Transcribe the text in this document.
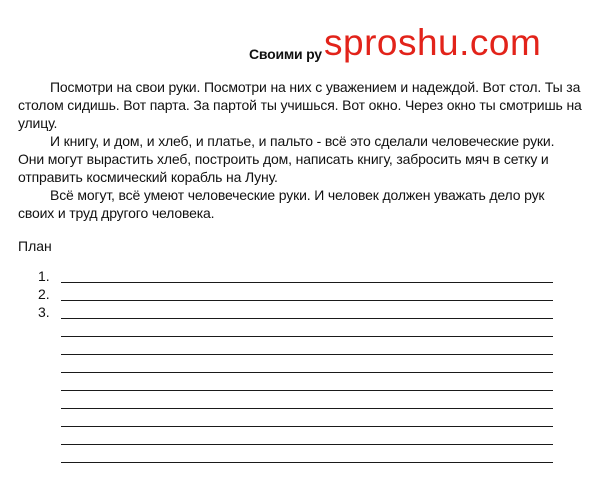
Своими ру sproshu.com

Посмотри на свои руки. Посмотри на них с уважением и надеждой. Вот стол. Ты за столом сидишь. Вот парта. За партой ты учишься. Вот окно. Через окно ты смотришь на улицу.

И книгу, и дом, и хлеб, и платье, и пальто - всё это сделали человеческие руки. Они могут вырастить хлеб, построить дом, написать книгу, забросить мяч в сетку и отправить космический корабль на Луну.

Всё могут, всё умеют человеческие руки. И человек должен уважать дело рук своих и труд другого человека.

План
1.
2.
3.
